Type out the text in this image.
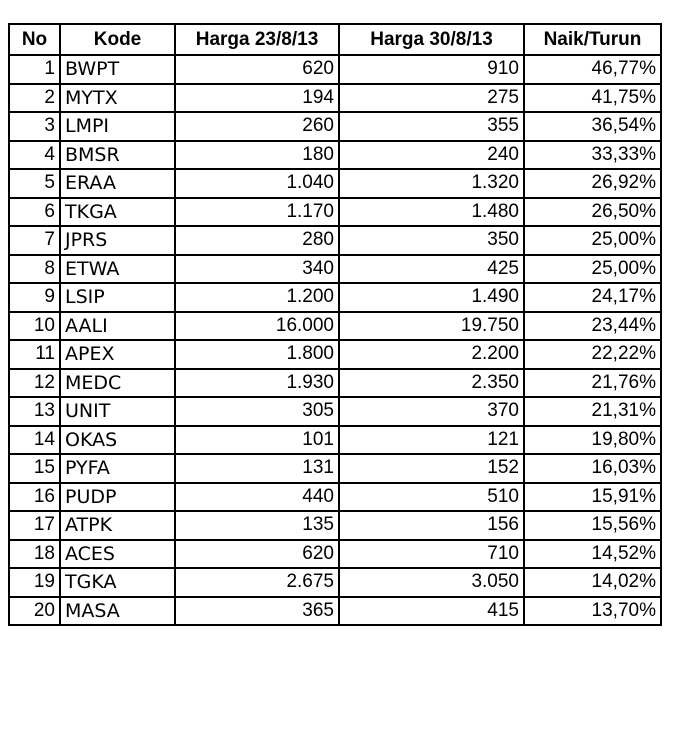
No	Kode	Harga 23/8/13	Harga 30/8/13	Naik/Turun
1	BWPT	620	910	46,77%
2	MYTX	194	275	41,75%
3	LMPI	260	355	36,54%
4	BMSR	180	240	33,33%
5	ERAA	1.040	1.320	26,92%
6	TKGA	1.170	1.480	26,50%
7	JPRS	280	350	25,00%
8	ETWA	340	425	25,00%
9	LSIP	1.200	1.490	24,17%
10	AALI	16.000	19.750	23,44%
11	APEX	1.800	2.200	22,22%
12	MEDC	1.930	2.350	21,76%
13	UNIT	305	370	21,31%
14	OKAS	101	121	19,80%
15	PYFA	131	152	16,03%
16	PUDP	440	510	15,91%
17	ATPK	135	156	15,56%
18	ACES	620	710	14,52%
19	TGKA	2.675	3.050	14,02%
20	MASA	365	415	13,70%
